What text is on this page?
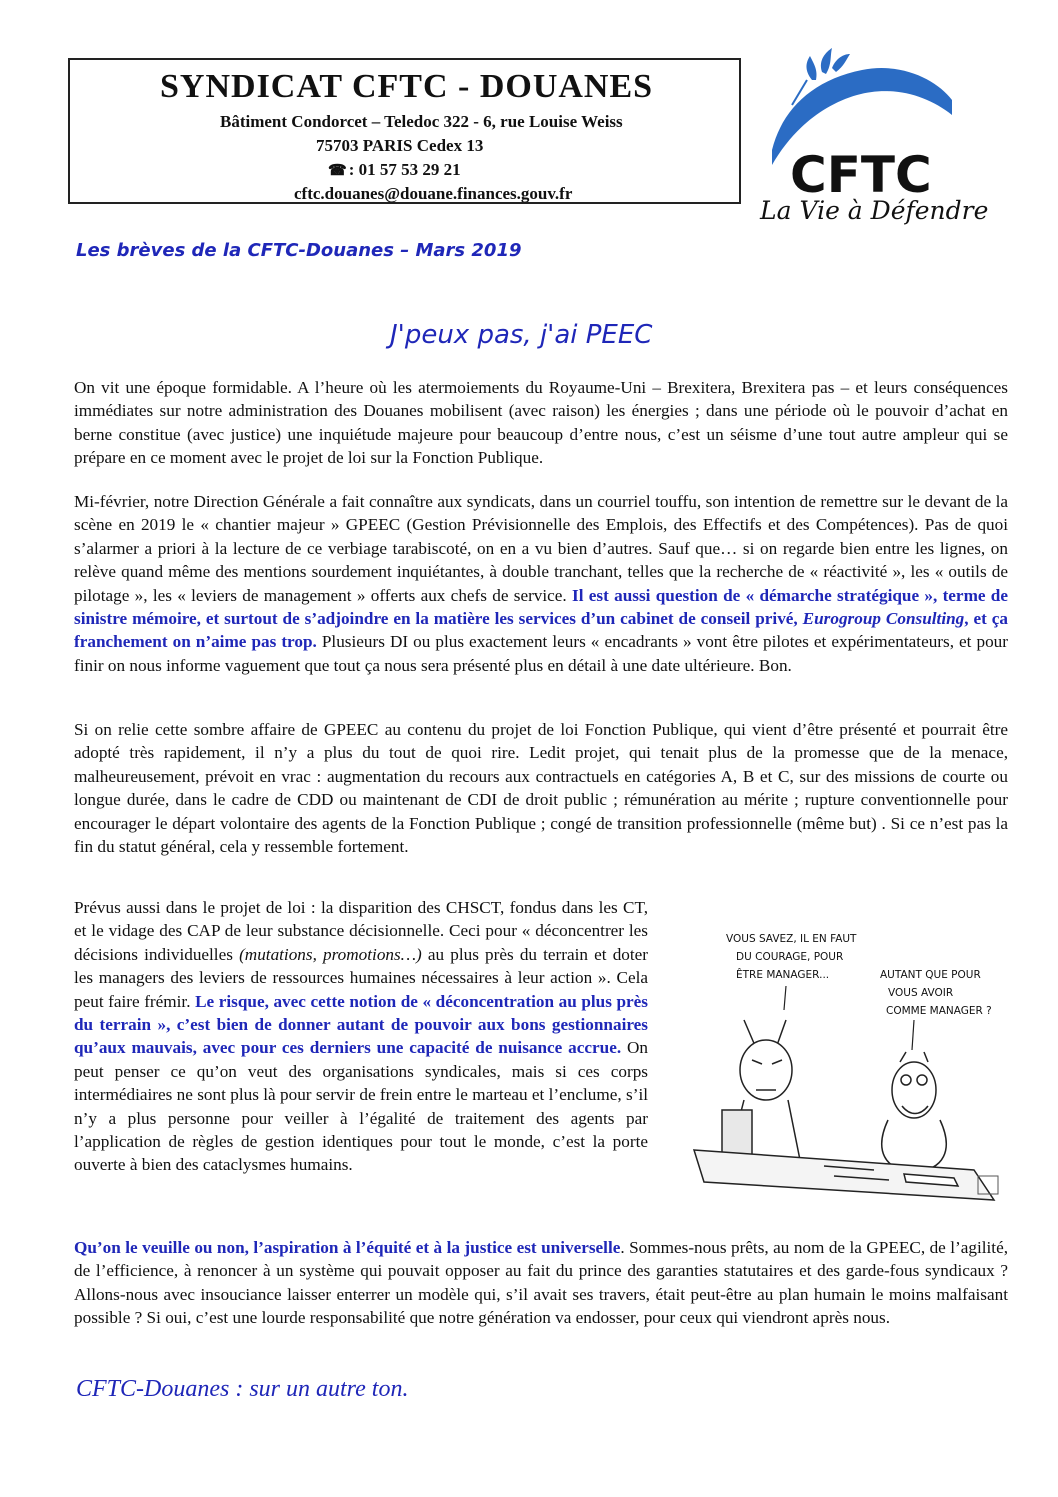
SYNDICAT CFTC - DOUANES
Bâtiment Condorcet – Teledoc 322 - 6, rue Louise Weiss
75703 PARIS Cedex 13
☎ : 01 57 53 29 21
cftc.douanes@douane.finances.gouv.fr	CFTC
La Vie à Défendre
Les brèves de la CFTC-Douanes – Mars 2019
J'peux pas, j'ai PEEC
On vit une époque formidable. A l’heure où les atermoiements du Royaume-Uni – Brexitera, Brexitera pas – et leurs conséquences immédiates sur notre administration des Douanes mobilisent (avec raison) les énergies ; dans une période où le pouvoir d’achat en berne constitue (avec justice) une inquiétude majeure pour beaucoup d’entre nous, c’est un séisme d’une tout autre ampleur qui se prépare en ce moment avec le projet de loi sur la Fonction Publique.
Mi-février, notre Direction Générale a fait connaître aux syndicats, dans un courriel touffu, son intention de remettre sur le devant de la scène en 2019 le « chantier majeur » GPEEC (Gestion Prévisionnelle des Emplois, des Effectifs et des Compétences). Pas de quoi s’alarmer a priori à la lecture de ce verbiage tarabiscoté, on en a vu bien d’autres. Sauf que… si on regarde bien entre les lignes, on relève quand même des mentions sourdement inquiétantes, à double tranchant, telles que la recherche de « réactivité », les « outils de pilotage », les « leviers de management » offerts aux chefs de service. Il est aussi question de « démarche stratégique », terme de sinistre mémoire, et surtout de s’adjoindre en la matière les services d’un cabinet de conseil privé, Eurogroup Consulting, et ça franchement on n’aime pas trop. Plusieurs DI ou plus exactement leurs « encadrants » vont être pilotes et expérimentateurs, et pour finir on nous informe vaguement que tout ça nous sera présenté plus en détail à une date ultérieure. Bon.
Si on relie cette sombre affaire de GPEEC au contenu du projet de loi Fonction Publique, qui vient d’être présenté et pourrait être adopté très rapidement, il n’y a plus du tout de quoi rire. Ledit projet, qui tenait plus de la promesse que de la menace, malheureusement, prévoit en vrac : augmentation du recours aux contractuels en catégories A, B et C, sur des missions de courte ou longue durée, dans le cadre de CDD ou maintenant de CDI de droit public ; rémunération au mérite ; rupture conventionnelle pour encourager le départ volontaire des agents de la Fonction Publique ; congé de transition professionnelle (même but) . Si ce n’est pas la fin du statut général, cela y ressemble fortement.
Prévus aussi dans le projet de loi : la disparition des CHSCT, fondus dans les CT, et le vidage des CAP de leur substance décisionnelle. Ceci pour « déconcentrer les décisions individuelles (mutations, promotions…) au plus près du terrain et doter les managers des leviers de ressources humaines nécessaires à leur action ». Cela peut faire frémir. Le risque, avec cette notion de « déconcentration au plus près du terrain », c’est bien de donner autant de pouvoir aux bons gestionnaires qu’aux mauvais, avec pour ces derniers une capacité de nuisance accrue. On peut penser ce qu’on veut des organisations syndicales, mais si ces corps intermédiaires ne sont plus là pour servir de frein entre le marteau et l’enclume, s’il n’y a plus personne pour veiller à l’égalité de traitement des agents par l’application de règles de gestion identiques pour tout le monde, c’est la porte ouverte à bien des cataclysmes humains.
VOUS SAVEZ, IL EN FAUT
DU COURAGE, POUR
ÊTRE MANAGER...	AUTANT QUE POUR
VOUS AVOIR
COMME MANAGER ?
Qu’on le veuille ou non, l’aspiration à l’équité et à la justice est universelle. Sommes-nous prêts, au nom de la GPEEC, de l’agilité, de l’efficience, à renoncer à un système qui pouvait opposer au fait du prince des garanties statutaires et des garde-fous syndicaux ? Allons-nous avec insouciance laisser enterrer un modèle qui, s’il avait ses travers, était peut-être au plan humain le moins malfaisant possible ? Si oui, c’est une lourde responsabilité que notre génération va endosser, pour ceux qui viendront après nous.
CFTC-Douanes : sur un autre ton.
